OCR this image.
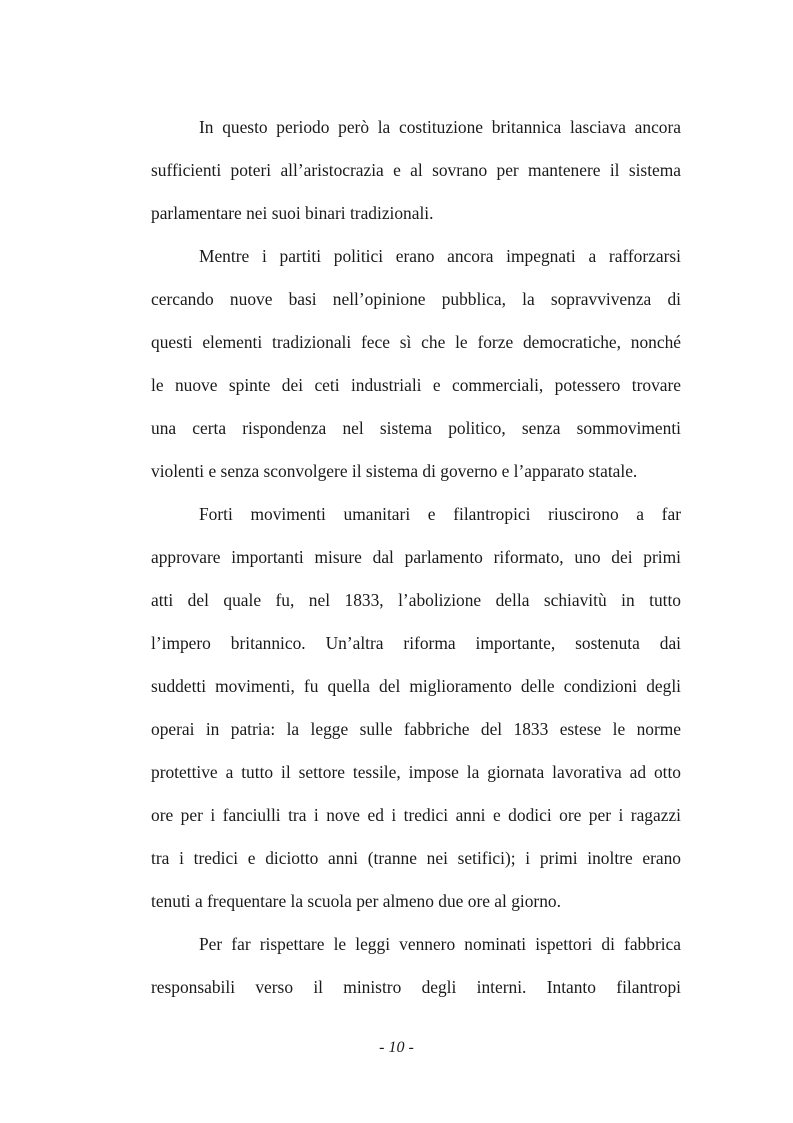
In questo periodo però la costituzione britannica lasciava ancora
sufficienti poteri all’aristocrazia e al sovrano per mantenere il sistema
parlamentare nei suoi binari tradizionali.
Mentre i partiti politici erano ancora impegnati a rafforzarsi
cercando nuove basi nell’opinione pubblica, la sopravvivenza di
questi elementi tradizionali fece sì che le forze democratiche, nonché
le nuove spinte dei ceti industriali e commerciali, potessero trovare
una certa rispondenza nel sistema politico, senza sommovimenti
violenti e senza sconvolgere il sistema di governo e l’apparato statale.
Forti movimenti umanitari e filantropici riuscirono a far
approvare importanti misure dal parlamento riformato, uno dei primi
atti del quale fu, nel 1833, l’abolizione della schiavitù in tutto
l’impero britannico. Un’altra riforma importante, sostenuta dai
suddetti movimenti, fu quella del miglioramento delle condizioni degli
operai in patria: la legge sulle fabbriche del 1833 estese le norme
protettive a tutto il settore tessile, impose la giornata lavorativa ad otto
ore per i fanciulli tra i nove ed i tredici anni e dodici ore per i ragazzi
tra i tredici e diciotto anni (tranne nei setifici); i primi inoltre erano
tenuti a frequentare la scuola per almeno due ore al giorno.
Per far rispettare le leggi vennero nominati ispettori di fabbrica
responsabili verso il ministro degli interni. Intanto filantropi
- 10 -
